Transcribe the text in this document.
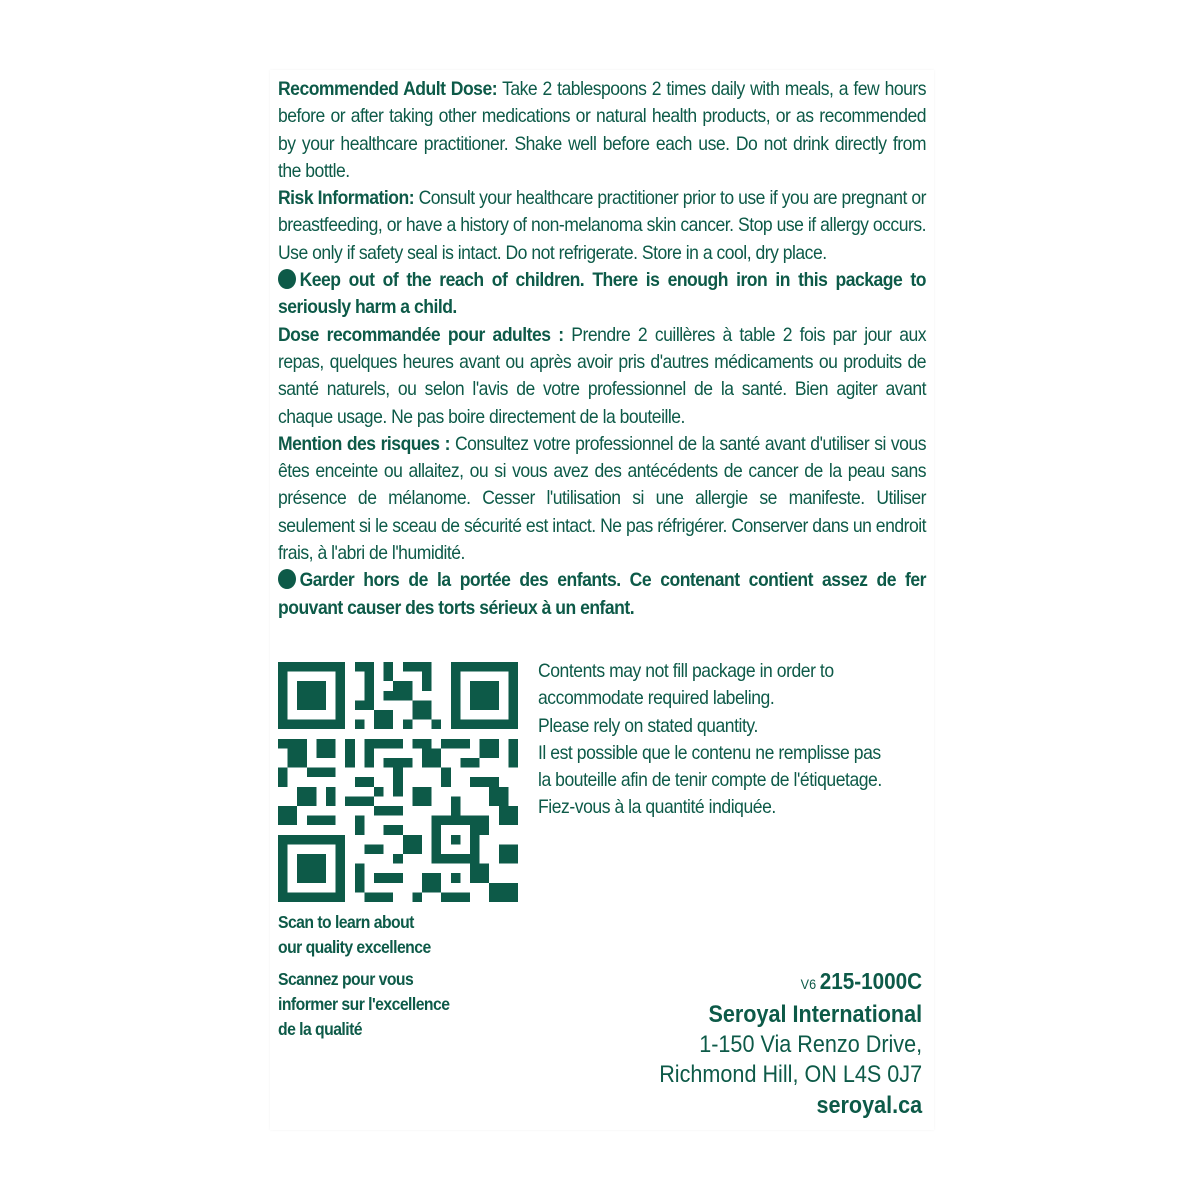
Recommended Adult Dose: Take 2 tablespoons 2 times daily with meals, a few hours before or after taking other medications or natural health products, or as recommended by your healthcare practitioner. Shake well before each use. Do not drink directly from the bottle.

Risk Information: Consult your healthcare practitioner prior to use if you are pregnant or breastfeeding, or have a history of non-melanoma skin cancer. Stop use if allergy occurs. Use only if safety seal is intact. Do not refrigerate. Store in a cool, dry place.

Keep out of the reach of children. There is enough iron in this package to seriously harm a child.

Dose recommandée pour adultes : Prendre 2 cuillères à table 2 fois par jour aux repas, quelques heures avant ou après avoir pris d'autres médicaments ou produits de santé naturels, ou selon l'avis de votre professionnel de la santé. Bien agiter avant chaque usage. Ne pas boire directement de la bouteille.

Mention des risques : Consultez votre professionnel de la santé avant d'utiliser si vous êtes enceinte ou allaitez, ou si vous avez des antécédents de cancer de la peau sans présence de mélanome. Cesser l'utilisation si une allergie se manifeste. Utiliser seulement si le sceau de sécurité est intact. Ne pas réfrigérer. Conserver dans un endroit frais, à l'abri de l'humidité.

Garder hors de la portée des enfants. Ce contenant contient assez de fer pouvant causer des torts sérieux à un enfant.

Contents may not fill package in order to
accommodate required labeling.
Please rely on stated quantity.
Il est possible que le contenu ne remplisse pas
la bouteille afin de tenir compte de l'étiquetage.
Fiez-vous à la quantité indiquée.
Scan to learn about
our quality excellence
Scannez pour vous
informer sur l'excellence
de la qualité
V6 215-1000C
Seroyal International
1-150 Via Renzo Drive,
Richmond Hill, ON L4S 0J7
seroyal.ca
